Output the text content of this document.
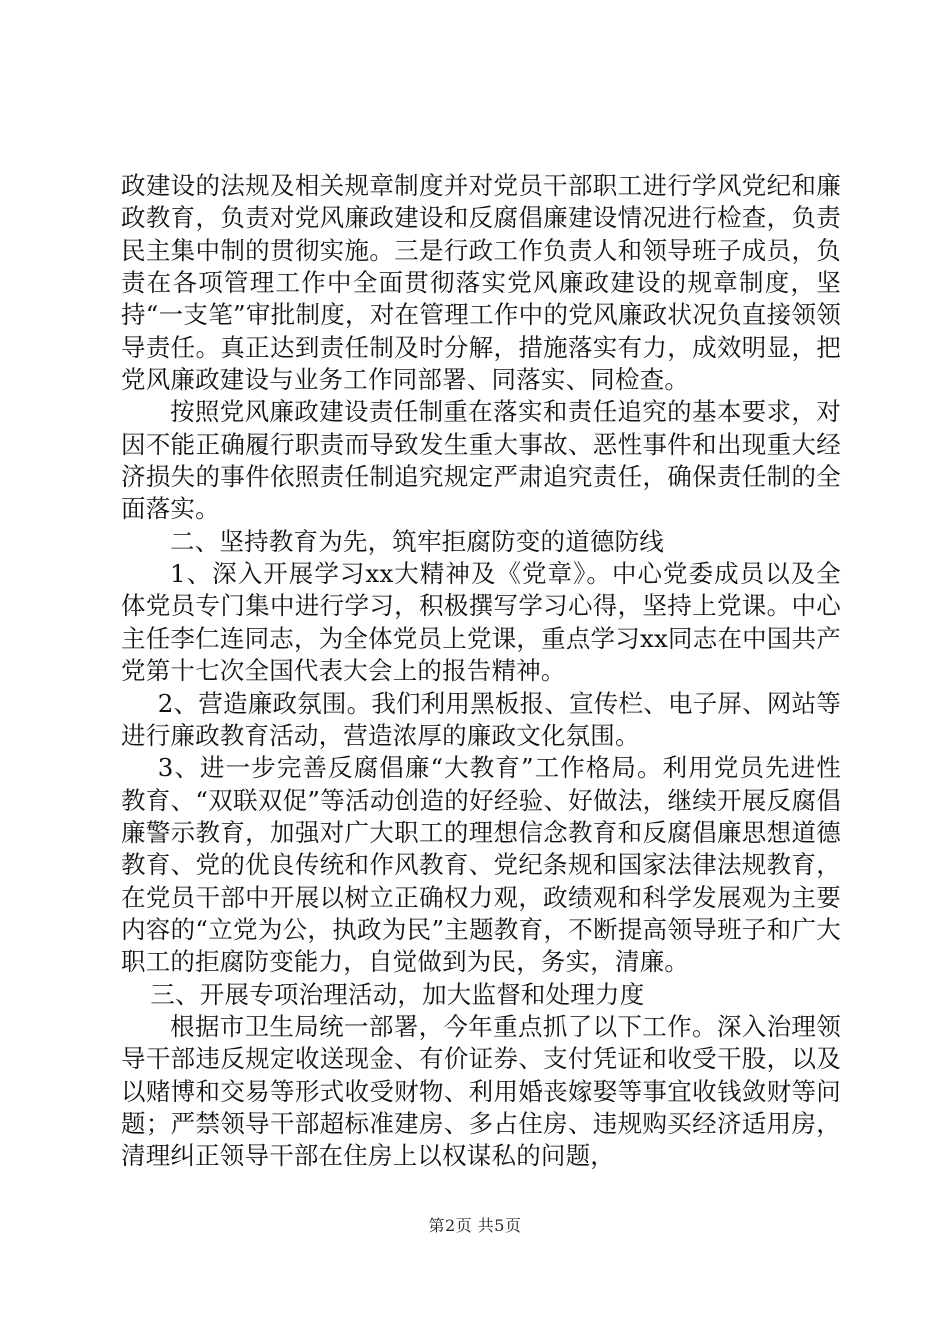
政建设的法规及相关规章制度并对党员干部职工进行学风党纪和廉政教育，负责对党风廉政建设和反腐倡廉建设情况进行检查，负责民主集中制的贯彻实施。三是行政工作负责人和领导班子成员，负责在各项管理工作中全面贯彻落实党风廉政建设的规章制度，坚持“一支笔”审批制度，对在管理工作中的党风廉政状况负直接领领导责任。真正达到责任制及时分解，措施落实有力，成效明显，把党风廉政建设与业务工作同部署、同落实、同检查。

按照党风廉政建设责任制重在落实和责任追究的基本要求，对因不能正确履行职责而导致发生重大事故、恶性事件和出现重大经济损失的事件依照责任制追究规定严肃追究责任，确保责任制的全面落实。

二、坚持教育为先，筑牢拒腐防变的道德防线

1、深入开展学习xx大精神及《党章》。中心党委成员以及全体党员专门集中进行学习，积极撰写学习心得，坚持上党课。中心主任李仁连同志，为全体党员上党课，重点学习xx同志在中国共产党第十七次全国代表大会上的报告精神。

2、营造廉政氛围。我们利用黑板报、宣传栏、电子屏、网站等进行廉政教育活动，营造浓厚的廉政文化氛围。

3、进一步完善反腐倡廉“大教育”工作格局。利用党员先进性教育、“双联双促”等活动创造的好经验、好做法，继续开展反腐倡廉警示教育，加强对广大职工的理想信念教育和反腐倡廉思想道德教育、党的优良传统和作风教育、党纪条规和国家法律法规教育，在党员干部中开展以树立正确权力观，政绩观和科学发展观为主要内容的“立党为公，执政为民”主题教育，不断提高领导班子和广大职工的拒腐防变能力，自觉做到为民，务实，清廉。

三、开展专项治理活动，加大监督和处理力度

根据市卫生局统一部署，今年重点抓了以下工作。深入治理领导干部违反规定收送现金、有价证券、支付凭证和收受干股，以及以赌博和交易等形式收受财物、利用婚丧嫁娶等事宜收钱敛财等问题；严禁领导干部超标准建房、多占住房、违规购买经济适用房，清理纠正领导干部在住房上以权谋私的问题，

第2页 共5页
